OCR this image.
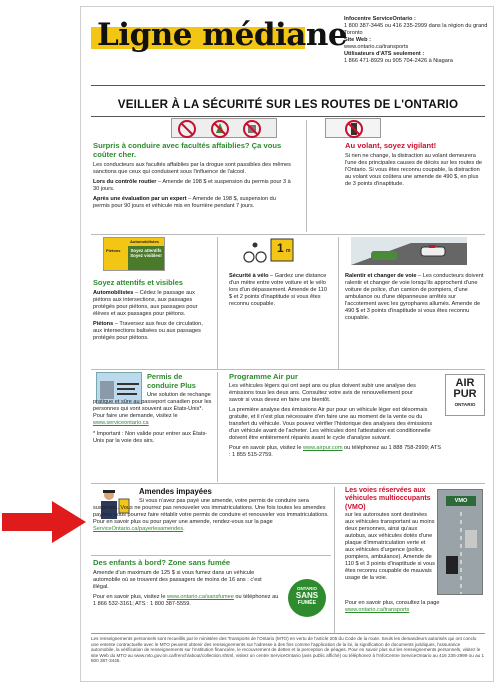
Ligne médiane
Infocentre ServiceOntario :
1 800 387-3445 ou 416 235-2999 dans la région du grand Toronto
Site Web :
www.ontario.ca/transports
Utilisateurs d'ATS seulement :
1 866 471-8929 ou 905 704-2426 à Niagara
VEILLER À LA SÉCURITÉ SUR LES ROUTES DE L'ONTARIO
Surpris à conduire avec facultés affaiblies? Ça vous coûter cher.
Les conducteurs aux facultés affaiblies par la drogue sont passibles des mêmes sanctions que ceux qui conduisent sous l'influence de l'alcool.
Lors du contrôle routier – Amende de 198 $ et suspension du permis pour 3 à 30 jours.
Après une évaluation par un expert – Amende de 198 $, suspension du permis pour 90 jours et véhicule mis en fourrière pendant 7 jours.
Au volant, soyez vigilant!
Si rien ne change, la distraction au volant demeurera l'une des principales causes de décès sur les routes de l'Ontario. Si vous êtes reconnu coupable, la distraction au volant vous coûtera une amende de 490 $, en plus de 3 points d'inaptitude.
Automobilistes
Piétons	Soyez attentifs
Soyez visibles!
Soyez attentifs et visibles
Automobilistes – Cédez le passage aux piétons aux intersections, aux passages protégés pour piétons, aux passages pour élèves et aux passages pour piétons.
Piétons – Traversez aux feux de circulation, aux intersections balisées ou aux passages protégés pour piétons.
1 m
Sécurité à vélo – Gardez une distance d'un mètre entre votre voiture et le vélo lors d'un dépassement. Amende de 110 $ et 2 points d'inaptitude si vous êtes reconnu coupable.
Ralentir et changer de voie – Les conducteurs doivent ralentir et changer de voie lorsqu'ils approchent d'une voiture de police, d'un camion de pompiers, d'une ambulance ou d'une dépanneuse arrêtés sur l'accotement avec les gyrophares allumés. Amende de 490 $ et 3 points d'inaptitude si vous êtes reconnu coupable.
Permis de conduire Plus
Une solution de rechange pratique et sûre au passeport canadien pour les personnes qui vont souvent aux États-Unis*. Pour faire une demande, visitez le www.serviceontario.ca
* Important : Non valide pour entrer aux États-Unis par la voie des airs.
Programme Air pur
Les véhicules légers qui ont sept ans ou plus doivent subir une analyse des émissions tous les deux ans. Consultez votre avis de renouvellement pour savoir si vous devez en faire une bientôt.
La première analyse des émissions Air pur pour un véhicule léger est désormais gratuite, et il n'est plus nécessaire d'en faire une au moment de la vente ou du transfert du véhicule. Vous pouvez vérifier l'historique des analyses des émissions d'un véhicule avant de l'acheter. Les véhicules dont l'attestation est conditionnelle doivent être entièrement réparés avant le cycle d'analyse suivant.
Pour en savoir plus, visitez le www.airpur.com ou téléphonez au 1 888 758-2999; ATS : 1 855 515-2759.
AIR
PUR
ONTARIO
Amendes impayées
Si vous n'avez pas payé une amende, votre permis de conduire sera suspendu. Vous ne pourrez pas renouveler vos immatriculations. Une fois toutes les amendes payées, vous pourrez faire rétablir votre permis de conduire et renouveler vos immatriculations. Pour en savoir plus ou pour payer une amende, rendez-vous sur la page ServiceOntario.ca/payerlesamendes.
Les voies réservées aux véhicules multioccupants (VMO)
sur les autoroutes sont destinées aux véhicules transportant au moins deux personnes, ainsi qu'aux autobus, aux véhicules dotés d'une plaque d'immatriculation verte et aux véhicules d'urgence (police, pompiers, ambulance). Amende de 110 $ et 3 points d'inaptitude si vous êtes reconnu coupable de mauvais usage de la voie.
Pour en savoir plus, consultez la page www.ontario.ca/transports
VMO
Des enfants à bord? Zone sans fumée
Amende d'un maximum de 125 $ si vous fumez dans un véhicule automobile où se trouvent des passagers de moins de 16 ans : c'est illégal.
Pour en savoir plus, visitez le www.ontario.ca/sansfumee ou téléphonez au 1 866 532-3161; ATS : 1 800 387-5559.
ONTARIO
SANS
FUMÉE
Les renseignements personnels sont recueillis par le ministère des Transports de l'Ontario (MTO) en vertu de l'article 205 du Code de la route. Seuls les demandeurs autorisés qui ont conclu une entente contractuelle avec le MTO peuvent obtenir des renseignements sur l'adresse à des fins comme l'application de la loi, la signification de documents juridiques, l'assurance automobile, la vérification de renseignements sur l'institution financière, le recouvrement de dettes et la perception de péages. Pour en savoir plus sur les renseignements personnels, visitez le site Web du MTO au www.mto.gov.on.ca/french/about/collection.shtml, visitez un centre ServiceOntario (avis public affiché) ou téléphonez à l'InfoCentre ServiceOntario au 416 235-2999 ou au 1 800 387-3445.
